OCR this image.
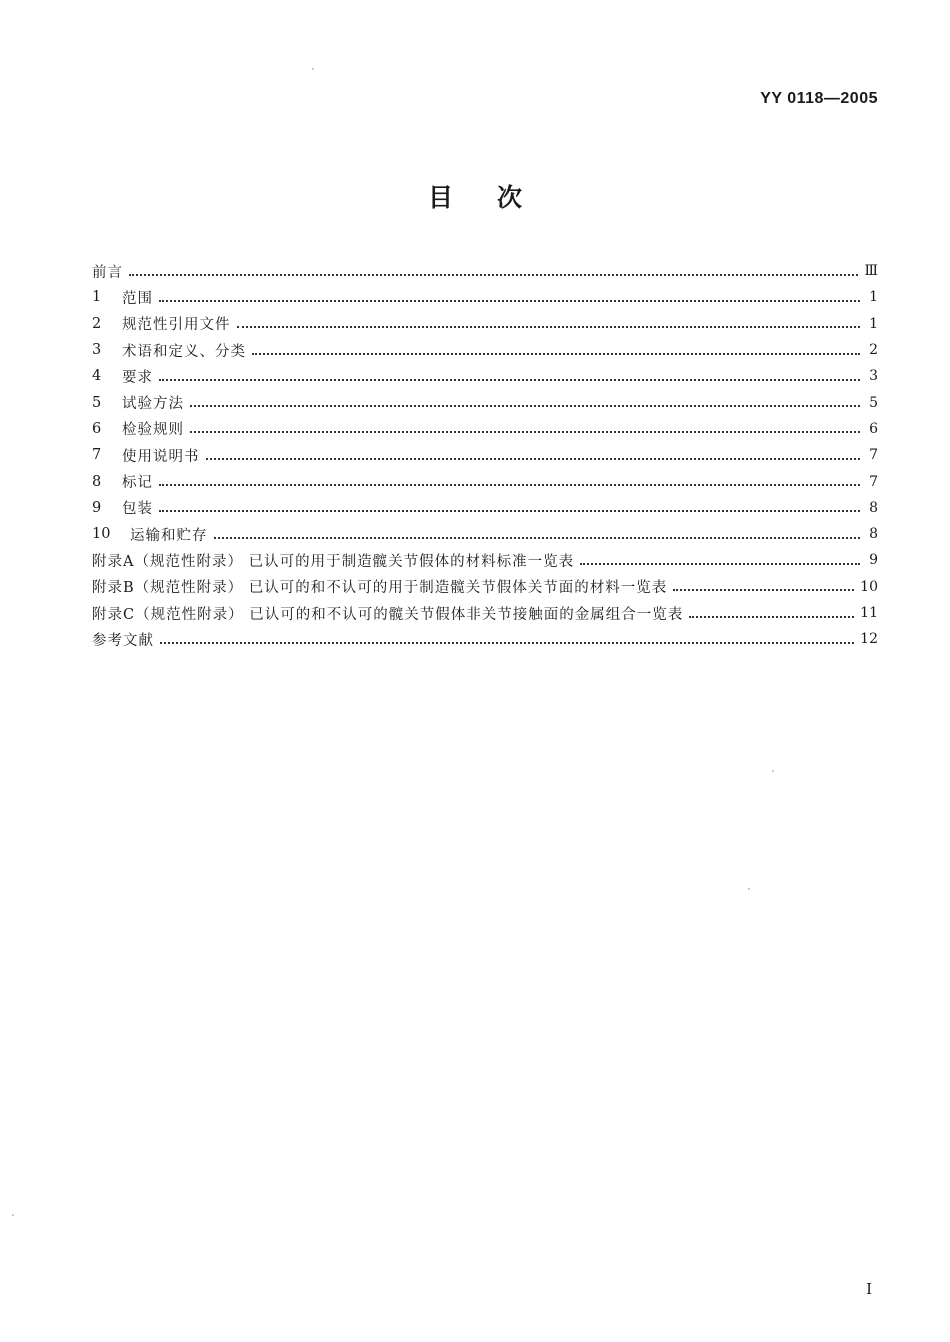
YY 0118—2005
目次
前言	Ⅲ
1	范围	1
2	规范性引用文件	1
3	术语和定义、分类	2
4	要求	3
5	试验方法	5
6	检验规则	6
7	使用说明书	7
8	标记	7
9	包装	8
10	运输和贮存	8
附录A（规范性附录） 已认可的用于制造髋关节假体的材料标准一览表	9
附录B（规范性附录） 已认可的和不认可的用于制造髋关节假体关节面的材料一览表	10
附录C（规范性附录） 已认可的和不认可的髋关节假体非关节接触面的金属组合一览表	11
参考文献	12
I
